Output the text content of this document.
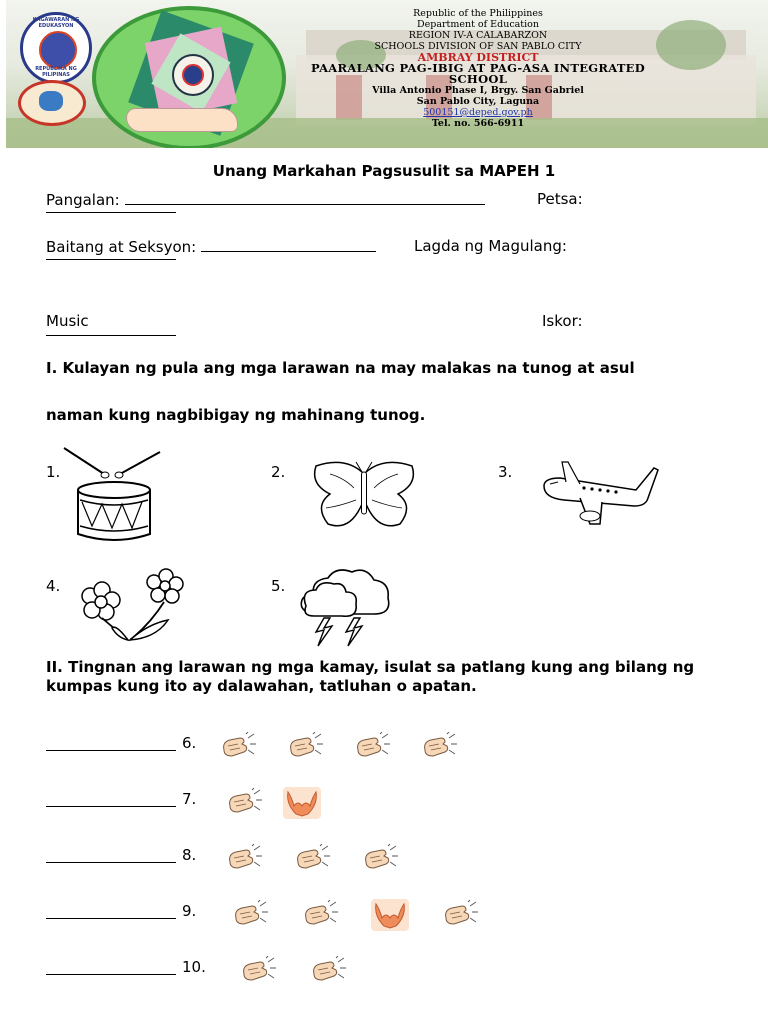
KAGAWARAN NG EDUKASYON
REPUBLIKA NG PILIPINAS
Republic of the Philippines
Department of Education
REGION IV-A CALABARZON
SCHOOLS DIVISION OF SAN PABLO CITY
AMBRAY DISTRICT
PAARALANG PAG-IBIG AT PAG-ASA INTEGRATED SCHOOL
Villa Antonio Phase I, Brgy. San Gabriel
San Pablo City, Laguna
500151@deped.gov.ph
Tel. no. 566-6911
Unang Markahan Pagsusulit sa MAPEH 1
Pangalan:	Petsa:
Baitang at Seksyon:	Lagda ng Magulang:
Music	Iskor:
I. Kulayan ng pula ang mga larawan na may malakas na tunog at asul
naman kung nagbibigay ng mahinang tunog.
1.	2.	3.
4.	5.
II. Tingnan ang larawan ng mga kamay, isulat sa patlang kung ang bilang ng kumpas kung ito ay dalawahan, tatluhan o apatan.
6.
7.
8.
9.
10.
